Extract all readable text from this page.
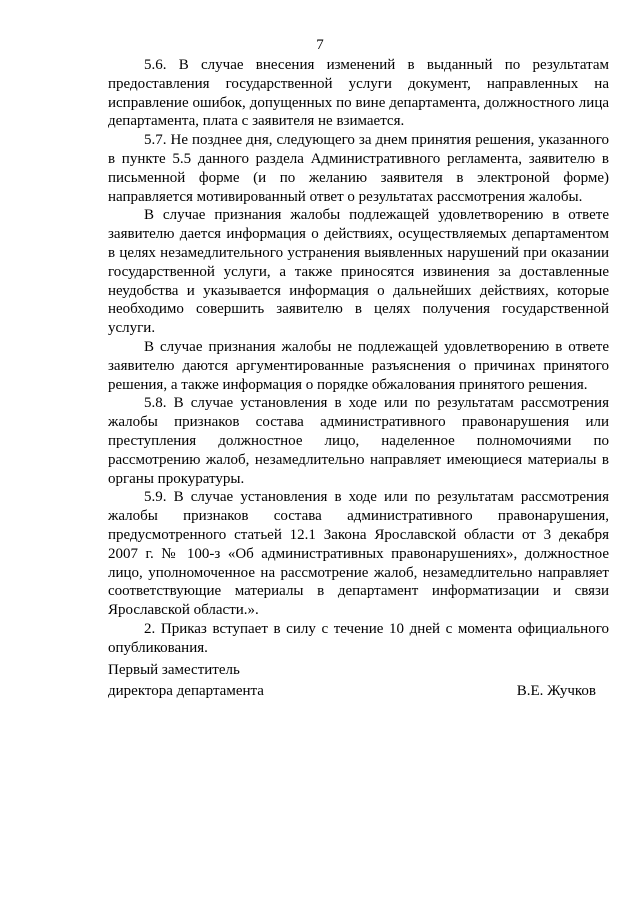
7

5.6. В случае внесения изменений в выданный по результатам предоставления государственной услуги документ, направленных на исправление ошибок, допущенных по вине департамента, должностного лица департамента, плата с заявителя не взимается.

5.7. Не позднее дня, следующего за днем принятия решения, указанного в пункте 5.5 данного раздела Административного регламента, заявителю в письменной форме (и по желанию заявителя в электроной форме) направляется мотивированный ответ о результатах рассмотрения жалобы.

В случае признания жалобы подлежащей удовлетворению в ответе заявителю дается информация о действиях, осуществляемых департаментом в целях незамедлительного устранения выявленных нарушений при оказании государственной услуги, а также приносятся извинения за доставленные неудобства и указывается информация о дальнейших действиях, которые необходимо совершить заявителю в целях получения государственной услуги.

В случае признания жалобы не подлежащей удовлетворению в ответе заявителю даются аргументированные разъяснения о причинах принятого решения, а также информация о порядке обжалования принятого решения.

5.8. В случае установления в ходе или по результатам рассмотрения жалобы признаков состава административного правонарушения или преступления должностное лицо, наделенное полномочиями по рассмотрению жалоб, незамедлительно направляет имеющиеся материалы в органы прокуратуры.

5.9. В случае установления в ходе или по результатам рассмотрения жалобы признаков состава административного правонарушения, предусмотренного статьей 12.1 Закона Ярославской области от 3 декабря 2007 г. № 100-з «Об административных правонарушениях», должностное лицо, уполномоченное на рассмотрение жалоб, незамедлительно направляет соответствующие материалы в департамент информатизации и связи Ярославской области.».

2. Приказ вступает в силу с течение 10 дней с момента официального опубликования.

Первый заместитель
директора департамента	В.Е. Жучков
